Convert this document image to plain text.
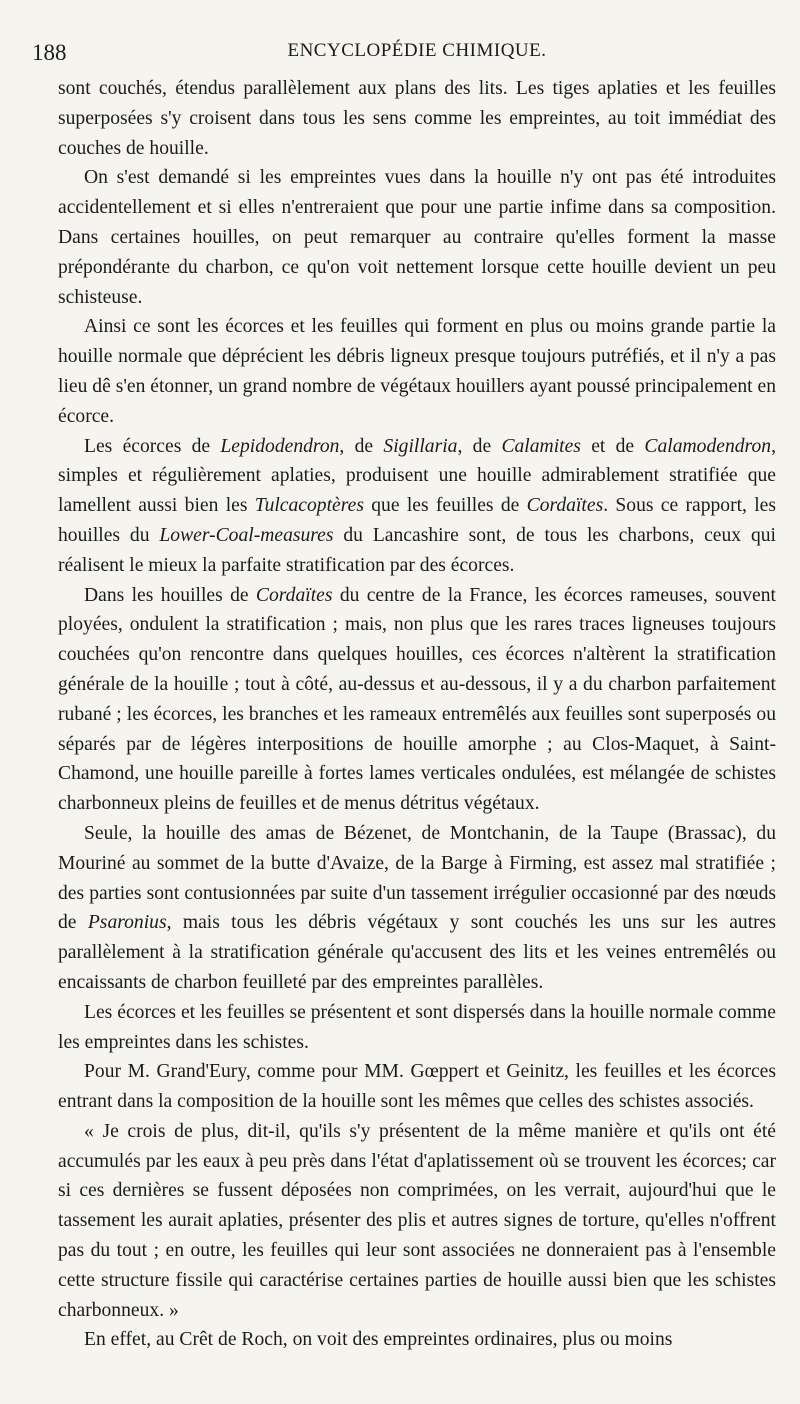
188	ENCYCLOPÉDIE CHIMIQUE.

sont couchés, étendus parallèlement aux plans des lits. Les tiges aplaties et les feuilles superposées s'y croisent dans tous les sens comme les empreintes, au toit immédiat des couches de houille.

On s'est demandé si les empreintes vues dans la houille n'y ont pas été introduites accidentellement et si elles n'entreraient que pour une partie infime dans sa composition. Dans certaines houilles, on peut remarquer au contraire qu'elles forment la masse prépondérante du charbon, ce qu'on voit nettement lorsque cette houille devient un peu schisteuse.

Ainsi ce sont les écorces et les feuilles qui forment en plus ou moins grande partie la houille normale que déprécient les débris ligneux presque toujours putréfiés, et il n'y a pas lieu dê s'en étonner, un grand nombre de végétaux houillers ayant poussé principalement en écorce.

Les écorces de Lepidodendron, de Sigillaria, de Calamites et de Calamodendron, simples et régulièrement aplaties, produisent une houille admirablement stratifiée que lamellent aussi bien les Tulcacoptères que les feuilles de Cordaïtes. Sous ce rapport, les houilles du Lower-Coal-measures du Lancashire sont, de tous les charbons, ceux qui réalisent le mieux la parfaite stratification par des écorces.

Dans les houilles de Cordaïtes du centre de la France, les écorces rameuses, souvent ployées, ondulent la stratification ; mais, non plus que les rares traces ligneuses toujours couchées qu'on rencontre dans quelques houilles, ces écorces n'altèrent la stratification générale de la houille ; tout à côté, au-dessus et au-dessous, il y a du charbon parfaitement rubané ; les écorces, les branches et les rameaux entremêlés aux feuilles sont superposés ou séparés par de légères interpositions de houille amorphe ; au Clos-Maquet, à Saint-Chamond, une houille pareille à fortes lames verticales ondulées, est mélangée de schistes charbonneux pleins de feuilles et de menus détritus végétaux.

Seule, la houille des amas de Bézenet, de Montchanin, de la Taupe (Brassac), du Mouriné au sommet de la butte d'Avaize, de la Barge à Firming, est assez mal stratifiée ; des parties sont contusionnées par suite d'un tassement irrégulier occasionné par des nœuds de Psaronius, mais tous les débris végétaux y sont couchés les uns sur les autres parallèlement à la stratification générale qu'accusent des lits et les veines entremêlés ou encaissants de charbon feuilleté par des empreintes parallèles.

Les écorces et les feuilles se présentent et sont dispersés dans la houille normale comme les empreintes dans les schistes.

Pour M. Grand'Eury, comme pour MM. Gœppert et Geinitz, les feuilles et les écorces entrant dans la composition de la houille sont les mêmes que celles des schistes associés.

« Je crois de plus, dit-il, qu'ils s'y présentent de la même manière et qu'ils ont été accumulés par les eaux à peu près dans l'état d'aplatissement où se trouvent les écorces; car si ces dernières se fussent déposées non comprimées, on les verrait, aujourd'hui que le tassement les aurait aplaties, présenter des plis et autres signes de torture, qu'elles n'offrent pas du tout ; en outre, les feuilles qui leur sont associées ne donneraient pas à l'ensemble cette structure fissile qui caractérise certaines parties de houille aussi bien que les schistes charbonneux. »

En effet, au Crêt de Roch, on voit des empreintes ordinaires, plus ou moins
